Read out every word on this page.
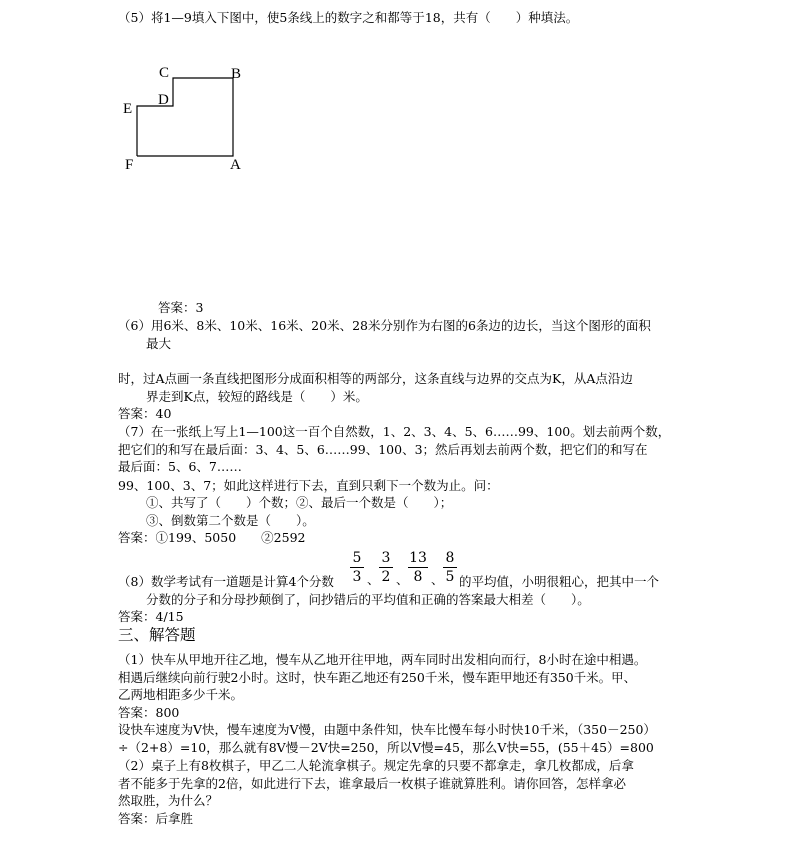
（5）将1—9填入下图中，使5条线上的数字之和都等于18，共有（　　）种填法。
C	B
D
E
F	A
答案：3
（6）用6米、8米、10米、16米、20米、28米分别作为右图的6条边的边长，当这个图形的面积
最大
时，过A点画一条直线把图形分成面积相等的两部分，这条直线与边界的交点为K，从A点沿边
界走到K点，较短的路线是（　　）米。
答案：40
（7）在一张纸上写上1—100这一百个自然数，1、2、3、4、5、6……99、100。划去前两个数，
把它们的和写在最后面：3、4、5、6……99、100、3；然后再划去前两个数，把它们的和写在
最后面：5、6、7……
99、100、3、7；如此这样进行下去，直到只剩下一个数为止。问：
①、共写了（　　）个数；②、最后一个数是（　　）；
③、倒数第二个数是（　　）。
答案：①199、5050　　②2592
5
3 、
3
2 、
13
8 、
8
5
（8）数学考试有一道题是计算4个分数	的平均值，小明很粗心，把其中一个
分数的分子和分母抄颠倒了，问抄错后的平均值和正确的答案最大相差（　　）。
答案：4/15
三、解答题
（1）快车从甲地开往乙地，慢车从乙地开往甲地，两车同时出发相向而行，8小时在途中相遇。
相遇后继续向前行驶2小时。这时，快车距乙地还有250千米，慢车距甲地还有350千米。甲、
乙两地相距多少千米。
答案：800
设快车速度为V快，慢车速度为V慢，由题中条件知，快车比慢车每小时快10千米，（350－250）
÷（2+8）=10，那么就有8V慢－2V快=250，所以V慢=45，那么V快=55，(55＋45）=800
（2）桌子上有8枚棋子，甲乙二人轮流拿棋子。规定先拿的只要不都拿走，拿几枚都成，后拿
者不能多于先拿的2倍，如此进行下去，谁拿最后一枚棋子谁就算胜利。请你回答，怎样拿必
然取胜，为什么？
答案：后拿胜
